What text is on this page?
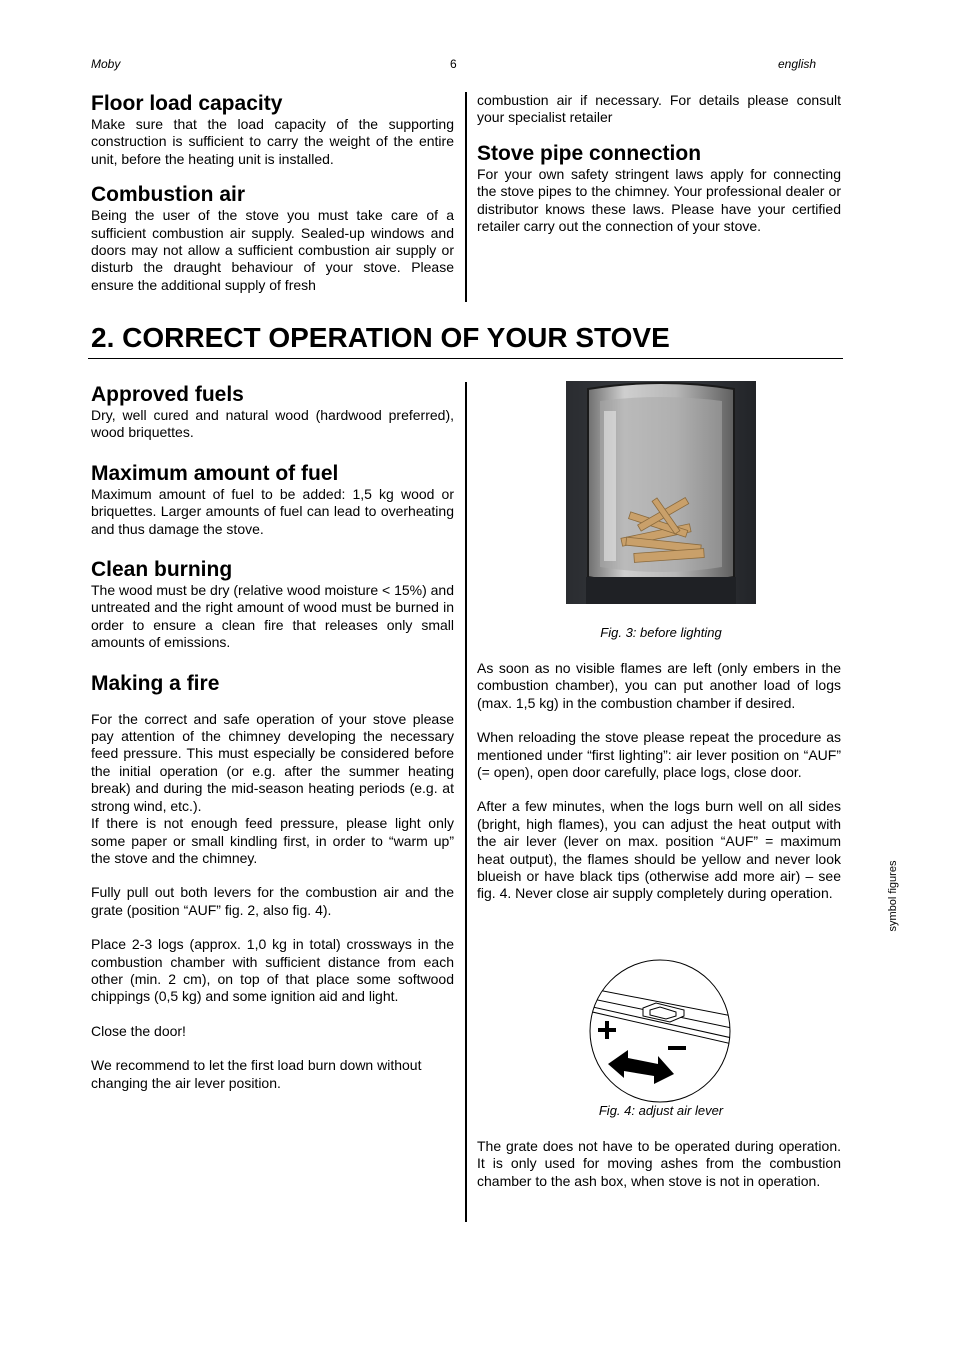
Moby	6	english
Floor load capacity

Make sure that the load capacity of the supporting construction is sufficient to carry the weight of the entire unit, before the heating unit is installed.

Combustion air

Being the user of the stove you must take care of a sufficient combustion air supply. Sealed-up windows and doors may not allow a sufficient combustion air supply or disturb the draught behaviour of your stove. Please ensure the additional supply of fresh

combustion air if necessary. For details please consult your specialist retailer

Stove pipe connection

For your own safety stringent laws apply for connecting the stove pipes to the chimney. Your professional dealer or distributor knows these laws. Please have your certified retailer carry out the connection of your stove.

2. CORRECT OPERATION OF YOUR STOVE
Approved fuels

Dry, well cured and natural wood (hardwood preferred), wood briquettes.

Maximum amount of fuel

Maximum amount of fuel to be added: 1,5 kg wood or briquettes. Larger amounts of fuel can lead to overheating and thus damage the stove.

Clean burning

The wood must be dry (relative wood moisture < 15%) and untreated and the right amount of wood must be burned in order to ensure a clean fire that releases only small amounts of emissions.

Making a fire

For the correct and safe operation of your stove please pay attention of the chimney developing the necessary feed pressure. This must especially be considered before the initial operation (or e.g. after the summer heating break) and during the mid-season heating periods (e.g. at strong wind, etc.).

If there is not enough feed pressure, please light only some paper or small kindling first, in order to “warm up” the stove and the chimney.

Fully pull out both levers for the combustion air and the grate (position “AUF” fig. 2, also fig. 4).

Place 2-3 logs (approx. 1,0 kg in total) crossways in the combustion chamber with sufficient distance from each other (min. 2 cm), on top of that place some softwood chippings (0,5 kg) and some ignition aid and light.

Close the door!

We recommend to let the first load burn down without changing the air lever position.

Fig. 3: before lighting

As soon as no visible flames are left (only embers in the combustion chamber), you can put another load of logs (max. 1,5 kg) in the combustion chamber if desired.

When reloading the stove please repeat the procedure as mentioned under “first lighting”: air lever position on “AUF” (= open), open door carefully, place logs, close door.

After a few minutes, when the logs burn well on all sides (bright, high flames), you can adjust the heat output with the air lever (lever on max. position “AUF” = maximum heat output), the flames should be yellow and never look blueish or have black tips (otherwise add more air) – see fig. 4. Never close air supply completely during operation.

Fig. 4: adjust air lever

The grate does not have to be operated during operation. It is only used for moving ashes from the combustion chamber to the ash box, when stove is not in operation.

symbol figures
